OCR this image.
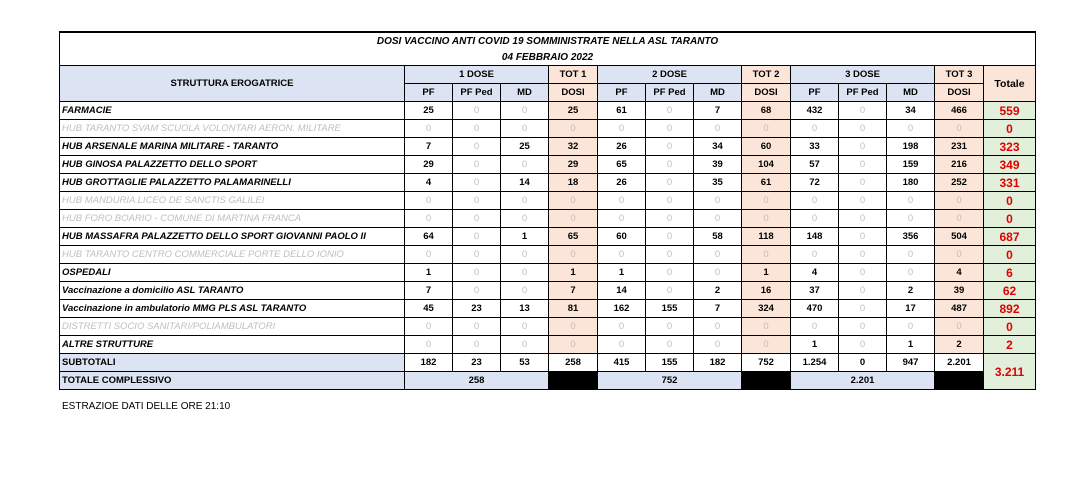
DOSI VACCINO ANTI COVID 19 SOMMINISTRATE NELLA ASL TARANTO													
04 FEBBRAIO 2022													
STRUTTURA EROGATRICE	1 DOSE			TOT 1	2 DOSE			TOT 2	3 DOSE			TOT 3	Totale
	PF	PF Ped	MD	DOSI	PF	PF Ped	MD	DOSI	PF	PF Ped	MD	DOSI	
FARMACIE	25	0	0	25	61	0	7	68	432	0	34	466	559
HUB TARANTO SVAM SCUOLA VOLONTARI AERON. MILITARE	0	0	0	0	0	0	0	0	0	0	0	0	0
HUB ARSENALE MARINA MILITARE - TARANTO	7	0	25	32	26	0	34	60	33	0	198	231	323
HUB GINOSA PALAZZETTO DELLO SPORT	29	0	0	29	65	0	39	104	57	0	159	216	349
HUB GROTTAGLIE PALAZZETTO PALAMARINELLI	4	0	14	18	26	0	35	61	72	0	180	252	331
HUB MANDURIA LICEO DE SANCTIS GALILEI	0	0	0	0	0	0	0	0	0	0	0	0	0
HUB FORO BOARIO - COMUNE DI MARTINA FRANCA	0	0	0	0	0	0	0	0	0	0	0	0	0
HUB MASSAFRA PALAZZETTO DELLO SPORT GIOVANNI PAOLO II	64	0	1	65	60	0	58	118	148	0	356	504	687
HUB TARANTO CENTRO COMMERCIALE PORTE DELLO IONIO	0	0	0	0	0	0	0	0	0	0	0	0	0
OSPEDALI	1	0	0	1	1	0	0	1	4	0	0	4	6
Vaccinazione a domicilio ASL TARANTO	7	0	0	7	14	0	2	16	37	0	2	39	62
Vaccinazione in ambulatorio MMG PLS ASL TARANTO	45	23	13	81	162	155	7	324	470	0	17	487	892
DISTRETTI SOCIO SANITARI/POLIAMBULATORI	0	0	0	0	0	0	0	0	0	0	0	0	0
ALTRE STRUTTURE	0	0	0	0	0	0	0	0	1	0	1	2	2
SUBTOTALI	182	23	53	258	415	155	182	752	1.254	0	947	2.201	3.211
TOTALE COMPLESSIVO	258				752				2.201				
ESTRAZIOE DATI DELLE ORE 21:10
